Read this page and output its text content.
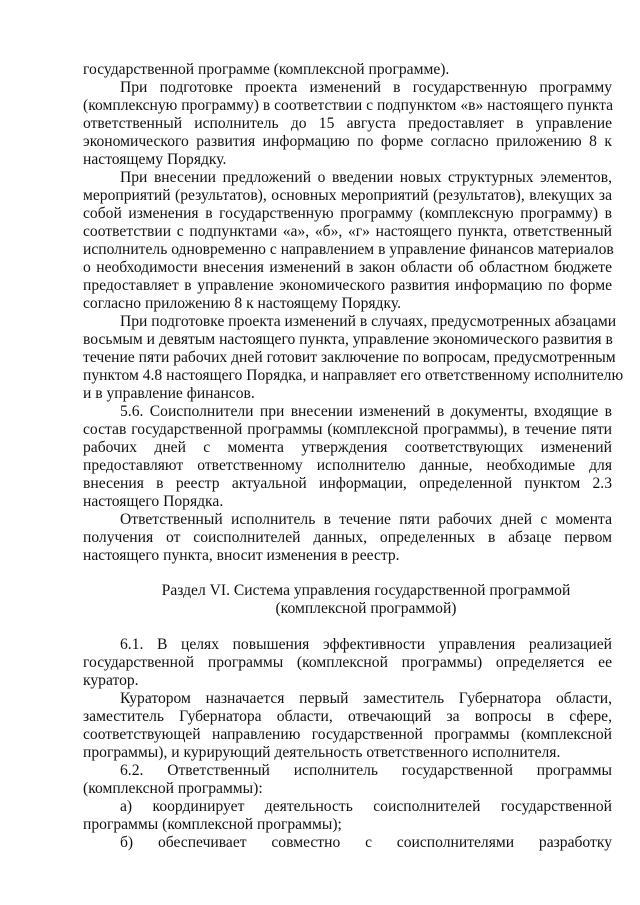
государственной программе (комплексной программе).
При подготовке проекта изменений в государственную программу
(комплексную программу) в соответствии с подпунктом «в» настоящего пункта
ответственный исполнитель до 15 августа предоставляет в управление
экономического развития информацию по форме согласно приложению 8 к
настоящему Порядку.
При внесении предложений о введении новых структурных элементов,
мероприятий (результатов), основных мероприятий (результатов), влекущих за
собой изменения в государственную программу (комплексную программу) в
соответствии с подпунктами «а», «б», «г» настоящего пункта, ответственный
исполнитель одновременно с направлением в управление финансов материалов
о необходимости внесения изменений в закон области об областном бюджете
предоставляет в управление экономического развития информацию по форме
согласно приложению 8 к настоящему Порядку.
При подготовке проекта изменений в случаях, предусмотренных абзацами
восьмым и девятым настоящего пункта, управление экономического развития в
течение пяти рабочих дней готовит заключение по вопросам, предусмотренным
пунктом 4.8 настоящего Порядка, и направляет его ответственному исполнителю
и в управление финансов.
5.6. Соисполнители при внесении изменений в документы, входящие в
состав государственной программы (комплексной программы), в течение пяти
рабочих дней с момента утверждения соответствующих изменений
предоставляют ответственному исполнителю данные, необходимые для
внесения в реестр актуальной информации, определенной пунктом 2.3
настоящего Порядка.
Ответственный исполнитель в течение пяти рабочих дней с момента
получения от соисполнителей данных, определенных в абзаце первом
настоящего пункта, вносит изменения в реестр.
Раздел VI. Система управления государственной программой
(комплексной программой)
6.1. В целях повышения эффективности управления реализацией
государственной программы (комплексной программы) определяется ее
куратор.
Куратором назначается первый заместитель Губернатора области,
заместитель Губернатора области, отвечающий за вопросы в сфере,
соответствующей направлению государственной программы (комплексной
программы), и курирующий деятельность ответственного исполнителя.
6.2. Ответственный исполнитель государственной программы
(комплексной программы):
а) координирует деятельность соисполнителей государственной
программы (комплексной программы);
б) обеспечивает совместно с соисполнителями разработку
